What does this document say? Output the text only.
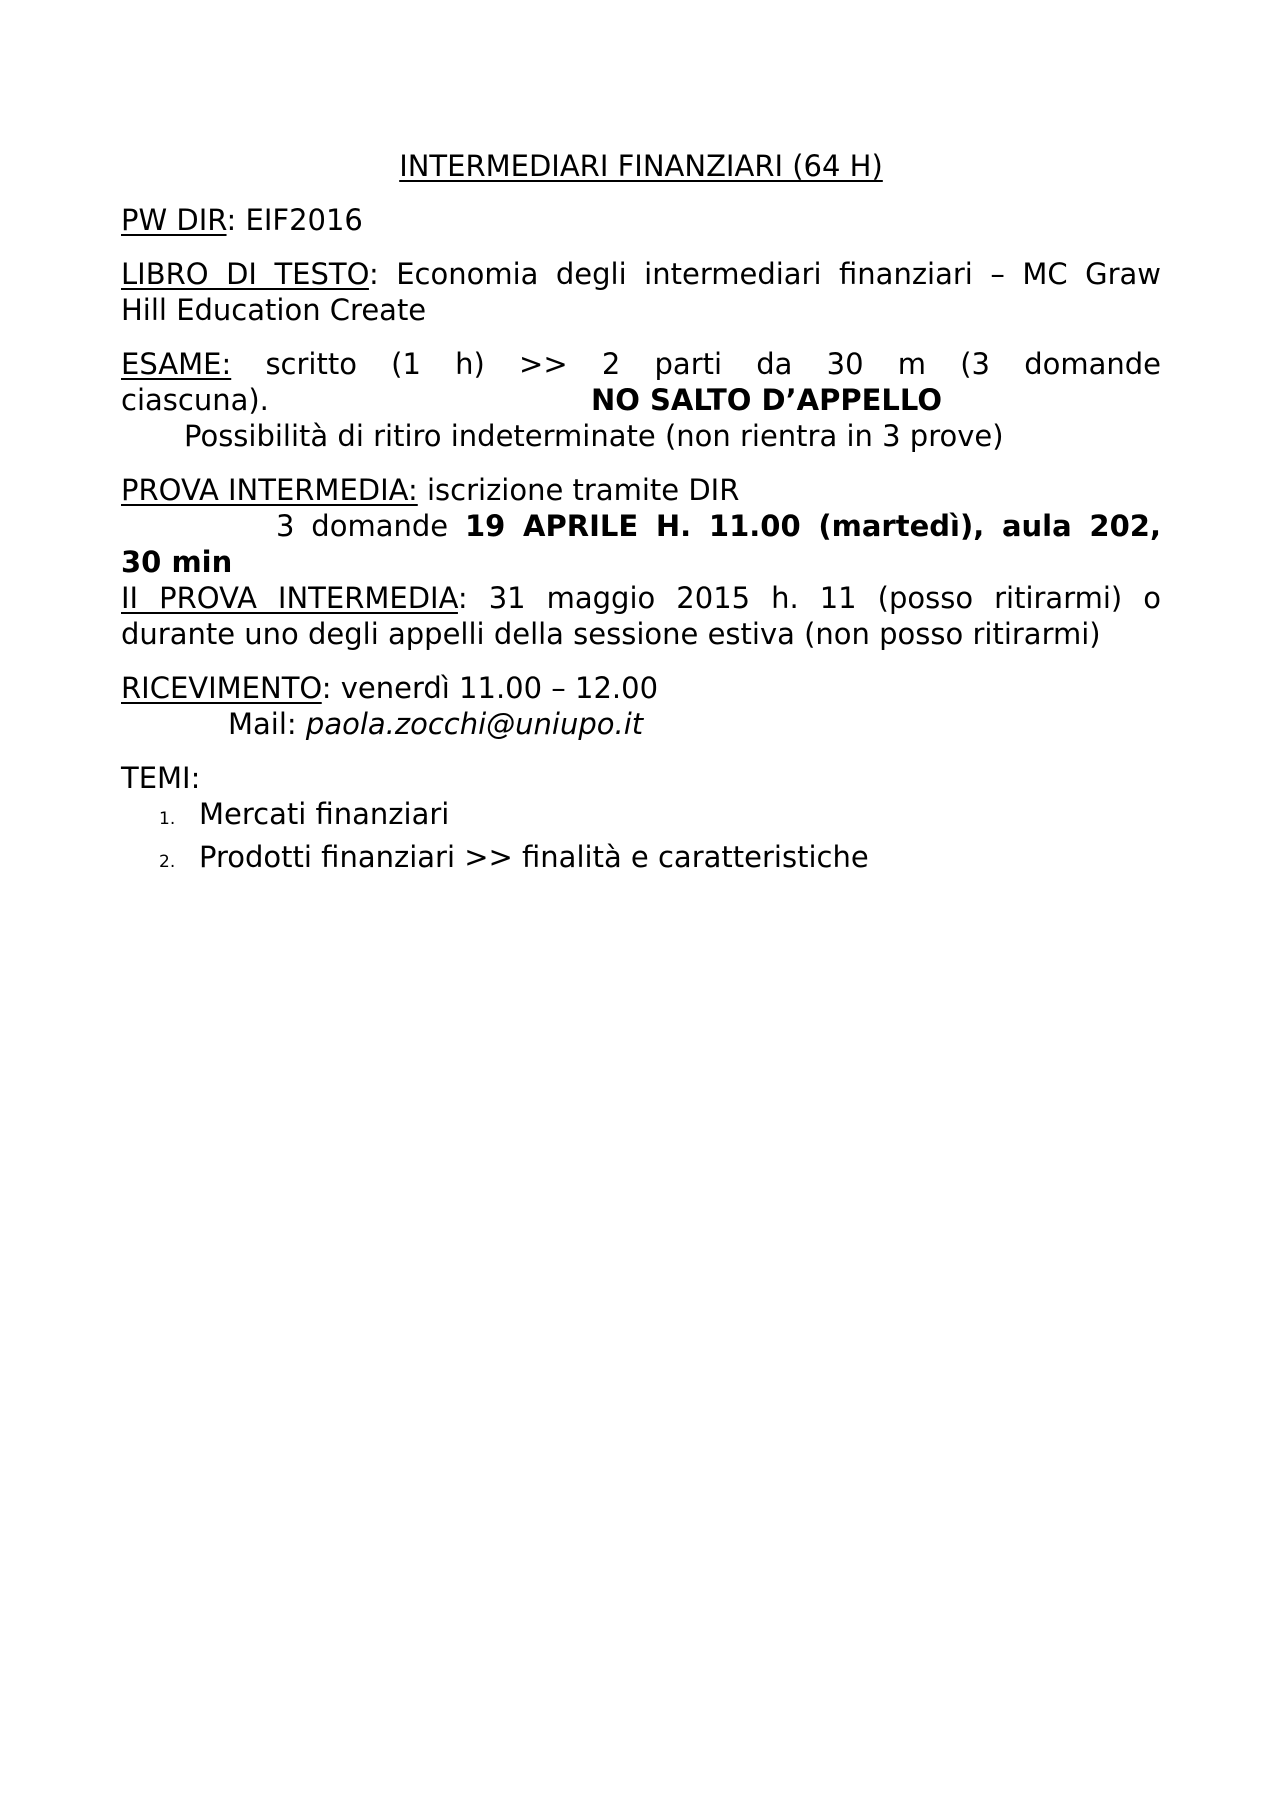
INTERMEDIARI FINANZIARI (64 H)
PW DIR: EIF2016
LIBRO DI TESTO: Economia degli intermediari finanziari – MC Graw
Hill Education Create
ESAME: scritto (1 h) >> 2 parti da 30 m (3 domande
ciascuna).	NO SALTO D’APPELLO
Possibilità di ritiro indeterminate (non rientra in 3 prove)
PROVA INTERMEDIA: iscrizione tramite DIR
3 domande 19 APRILE H. 11.00 (martedì), aula 202,
30 min
II PROVA INTERMEDIA: 31 maggio 2015 h. 11 (posso ritirarmi) o
durante uno degli appelli della sessione estiva (non posso ritirarmi)
RICEVIMENTO: venerdì 11.00 – 12.00
Mail: paola.zocchi@uniupo.it
TEMI:
1. Mercati finanziari
2. Prodotti finanziari >> finalità e caratteristiche
